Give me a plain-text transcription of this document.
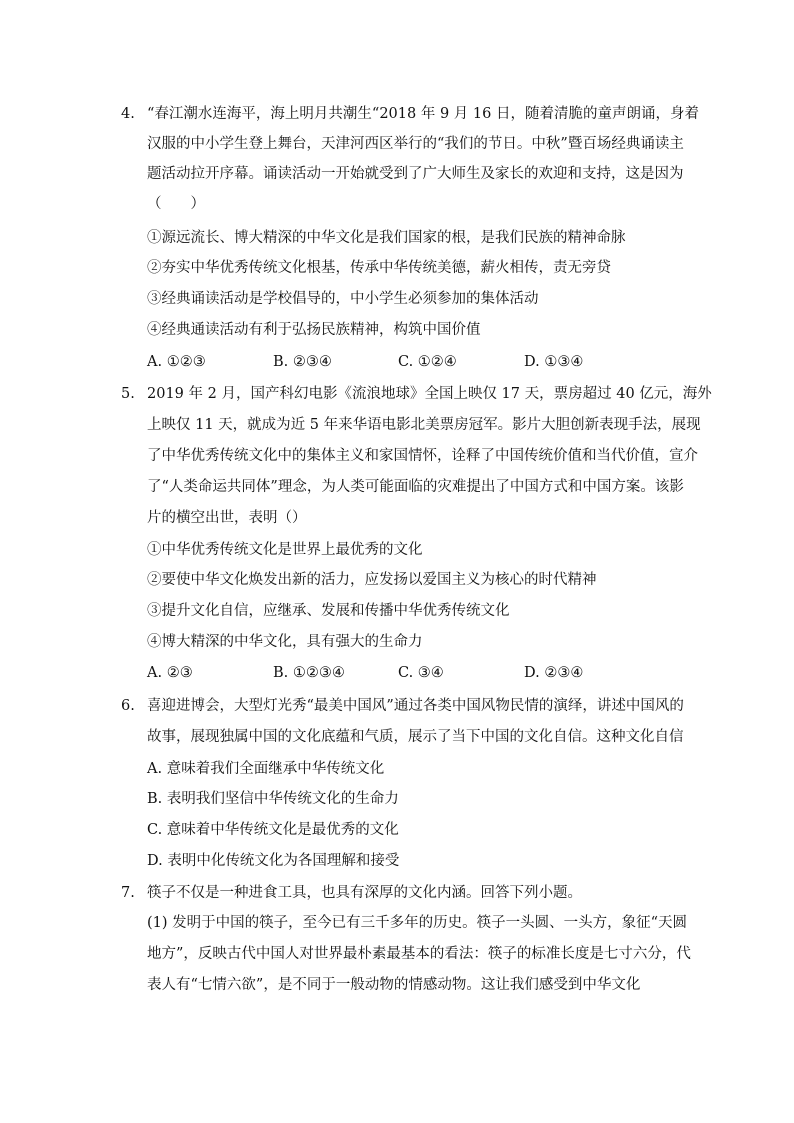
4. “春江潮水连海平，海上明月共潮生“2018 年 9 月 16 日，随着清脆的童声朗诵，身着
汉服的中小学生登上舞台，天津河西区举行的“我们的节日。中秋”暨百场经典诵读主
题活动拉开序幕。诵读活动一开始就受到了广大师生及家长的欢迎和支持，这是因为
（　　）
①源远流长、博大精深的中华文化是我们国家的根，是我们民族的精神命脉
②夯实中华优秀传统文化根基，传承中华传统美德，薪火相传，责无旁贷
③经典诵读活动是学校倡导的，中小学生必须参加的集体活动
④经典通读活动有利于弘扬民族精神，构筑中国价值
A. ①②③	B. ②③④	C. ①②④	D. ①③④
5. 2019 年 2 月，国产科幻电影《流浪地球》全国上映仅 17 天，票房超过 40 亿元，海外
上映仅 11 天，就成为近 5 年来华语电影北美票房冠军。影片大胆创新表现手法，展现
了中华优秀传统文化中的集体主义和家国情怀，诠释了中国传统价值和当代价值，宣介
了“人类命运共同体”理念，为人类可能面临的灾难提出了中国方式和中国方案。该影
片的横空出世，表明（）
①中华优秀传统文化是世界上最优秀的文化
②要使中华文化焕发出新的活力，应发扬以爱国主义为核心的时代精神
③提升文化自信，应继承、发展和传播中华优秀传统文化
④博大精深的中华文化，具有强大的生命力
A. ②③	B. ①②③④	C. ③④	D. ②③④
6. 喜迎进博会，大型灯光秀“最美中国风”通过各类中国风物民情的演绎，讲述中国风的
故事，展现独属中国的文化底蕴和气质，展示了当下中国的文化自信。这种文化自信
A. 意味着我们全面继承中华传统文化
B. 表明我们坚信中华传统文化的生命力
C. 意味着中华传统文化是最优秀的文化
D. 表明中化传统文化为各国理解和接受
7. 筷子不仅是一种进食工具，也具有深厚的文化内涵。回答下列小题。
(1) 发明于中国的筷子，至今已有三千多年的历史。筷子一头圆、一头方，象征“天圆
地方”，反映古代中国人对世界最朴素最基本的看法：筷子的标准长度是七寸六分，代
表人有“七情六欲”，是不同于一般动物的情感动物。这让我们感受到中华文化
